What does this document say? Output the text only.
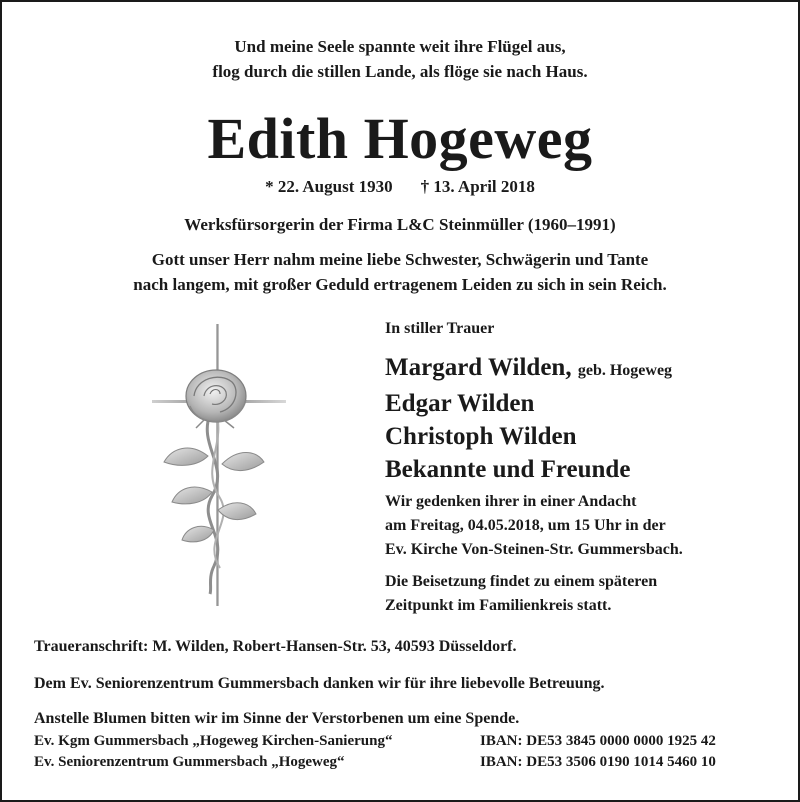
Und meine Seele spannte weit ihre Flügel aus,
flog durch die stillen Lande, als flöge sie nach Haus.
Edith Hogeweg
* 22. August 1930 † 13. April 2018
Werksfürsorgerin der Firma L&C Steinmüller (1960–1991)
Gott unser Herr nahm meine liebe Schwester, Schwägerin und Tante
nach langem, mit großer Geduld ertragenem Leiden zu sich in sein Reich.
In stiller Trauer
Margard Wilden, geb. Hogeweg
Edgar Wilden
Christoph Wilden
Bekannte und Freunde
Wir gedenken ihrer in einer Andacht
am Freitag, 04.05.2018, um 15 Uhr in der
Ev. Kirche Von-Steinen-Str. Gummersbach.
Die Beisetzung findet zu einem späteren
Zeitpunkt im Familienkreis statt.
Traueranschrift: M. Wilden, Robert-Hansen-Str. 53, 40593 Düsseldorf.
Dem Ev. Seniorenzentrum Gummersbach danken wir für ihre liebevolle Betreuung.
Anstelle Blumen bitten wir im Sinne der Verstorbenen um eine Spende.
Ev. Kgm Gummersbach „Hogeweg Kirchen-Sanierung“	IBAN: DE53 3845 0000 0000 1925 42
Ev. Seniorenzentrum Gummersbach „Hogeweg“	IBAN: DE53 3506 0190 1014 5460 10
